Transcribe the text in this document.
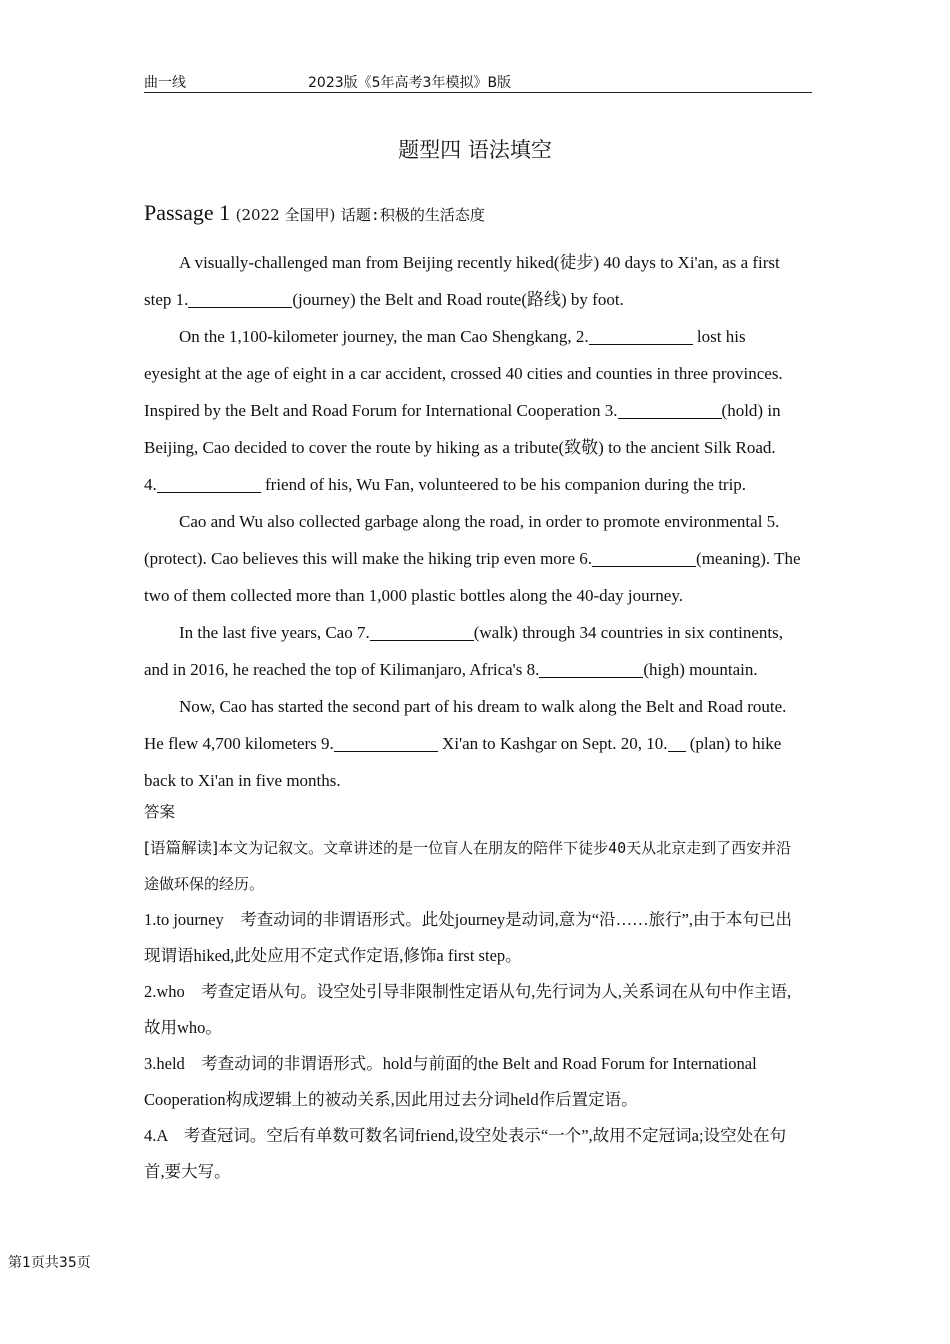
曲一线	2023版《5年高考3年模拟》B版
题型四 语法填空
Passage 1 (2022 全国甲) 话题:积极的生活态度

A visually-challenged man from Beijing recently hiked(徒步) 40 days to Xi'an, as a first step 1.	(journey) the Belt and Road route(路线) by foot.

On the 1,100-kilometer journey, the man Cao Shengkang, 2.	lost his eyesight at the age of eight in a car accident, crossed 40 cities and counties in three provinces. Inspired by the Belt and Road Forum for International Cooperation 3.	(hold) in Beijing, Cao decided to cover the route by hiking as a tribute(致敬) to the ancient Silk Road.

4.	friend of his, Wu Fan, volunteered to be his companion during the trip.

Cao and Wu also collected garbage along the road, in order to promote environmental 5. (protect). Cao believes this will make the hiking trip even more 6.	(meaning). The two of them collected more than 1,000 plastic bottles along the 40-day journey.

In the last five years, Cao 7.	(walk) through 34 countries in six continents, and in 2016, he reached the top of Kilimanjaro, Africa's 8.	(high) mountain.

Now, Cao has started the second part of his dream to walk along the Belt and Road route. He flew 4,700 kilometers 9.	Xi'an to Kashgar on Sept. 20, 10. (plan) to hike back to Xi'an in five months.

答案

[语篇解读]本文为记叙文。文章讲述的是一位盲人在朋友的陪伴下徒步40天从北京走到了西安并沿途做环保的经历。

1.to journey　考查动词的非谓语形式。此处journey是动词,意为“沿……旅行”,由于本句已出现谓语hiked,此处应用不定式作定语,修饰a first step。

2.who　考查定语从句。设空处引导非限制性定语从句,先行词为人,关系词在从句中作主语,故用who。

3.held　考查动词的非谓语形式。hold与前面的the Belt and Road Forum for International Cooperation构成逻辑上的被动关系,因此用过去分词held作后置定语。

4.A　考查冠词。空后有单数可数名词friend,设空处表示“一个”,故用不定冠词a;设空处在句首,要大写。

第1页共35页
